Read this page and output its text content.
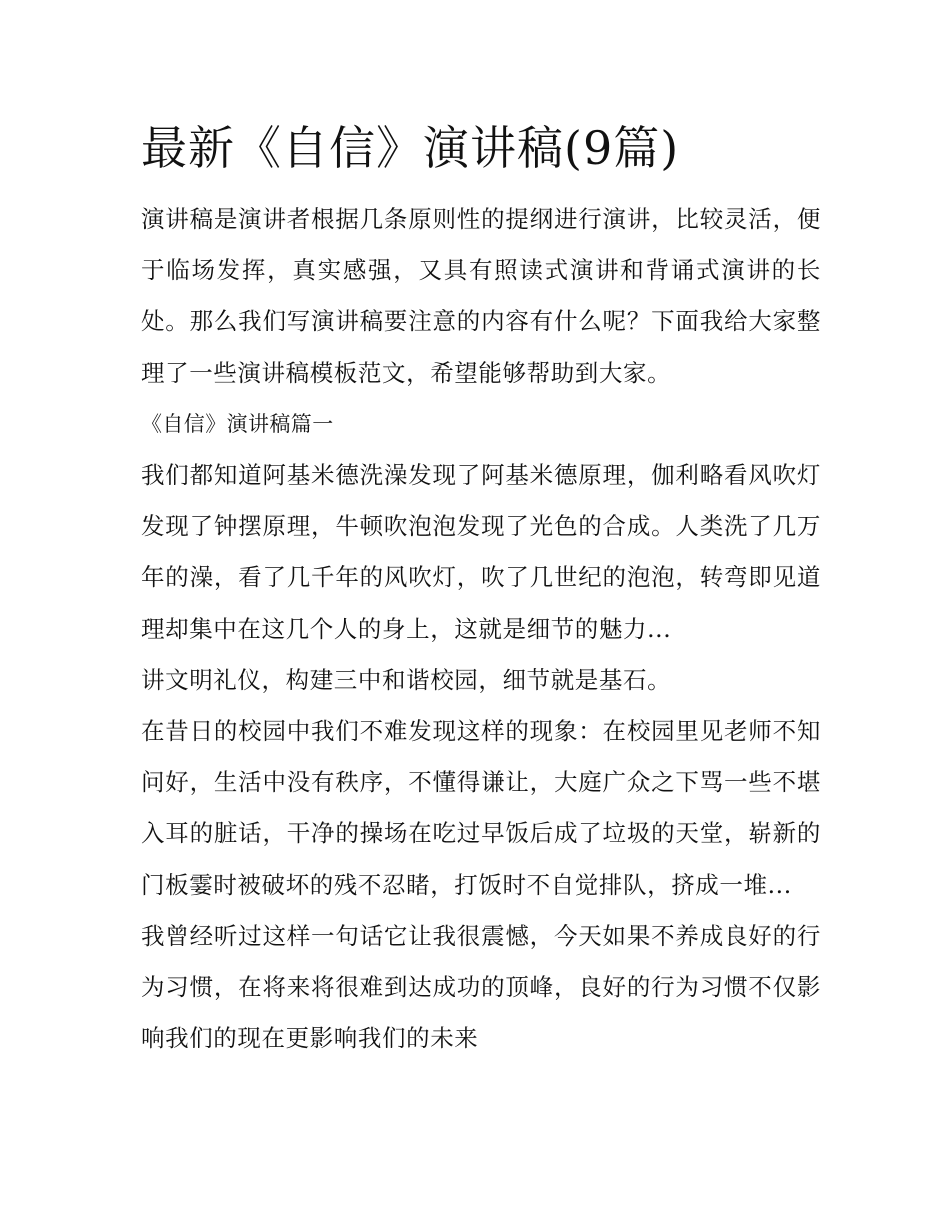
最新《自信》演讲稿(9篇)

演讲稿是演讲者根据几条原则性的提纲进行演讲，比较灵活，便于临场发挥，真实感强，又具有照读式演讲和背诵式演讲的长处。那么我们写演讲稿要注意的内容有什么呢？下面我给大家整理了一些演讲稿模板范文，希望能够帮助到大家。

《自信》演讲稿篇一

我们都知道阿基米德洗澡发现了阿基米德原理，伽利略看风吹灯发现了钟摆原理，牛顿吹泡泡发现了光色的合成。人类洗了几万年的澡，看了几千年的风吹灯，吹了几世纪的泡泡，转弯即见道理却集中在这几个人的身上，这就是细节的魅力...

讲文明礼仪，构建三中和谐校园，细节就是基石。

在昔日的校园中我们不难发现这样的现象：在校园里见老师不知问好，生活中没有秩序，不懂得谦让，大庭广众之下骂一些不堪入耳的脏话，干净的操场在吃过早饭后成了垃圾的天堂，崭新的门板霎时被破坏的残不忍睹，打饭时不自觉排队，挤成一堆...

我曾经听过这样一句话它让我很震憾，今天如果不养成良好的行为习惯，在将来将很难到达成功的顶峰，良好的行为习惯不仅影响我们的现在更影响我们的未来
